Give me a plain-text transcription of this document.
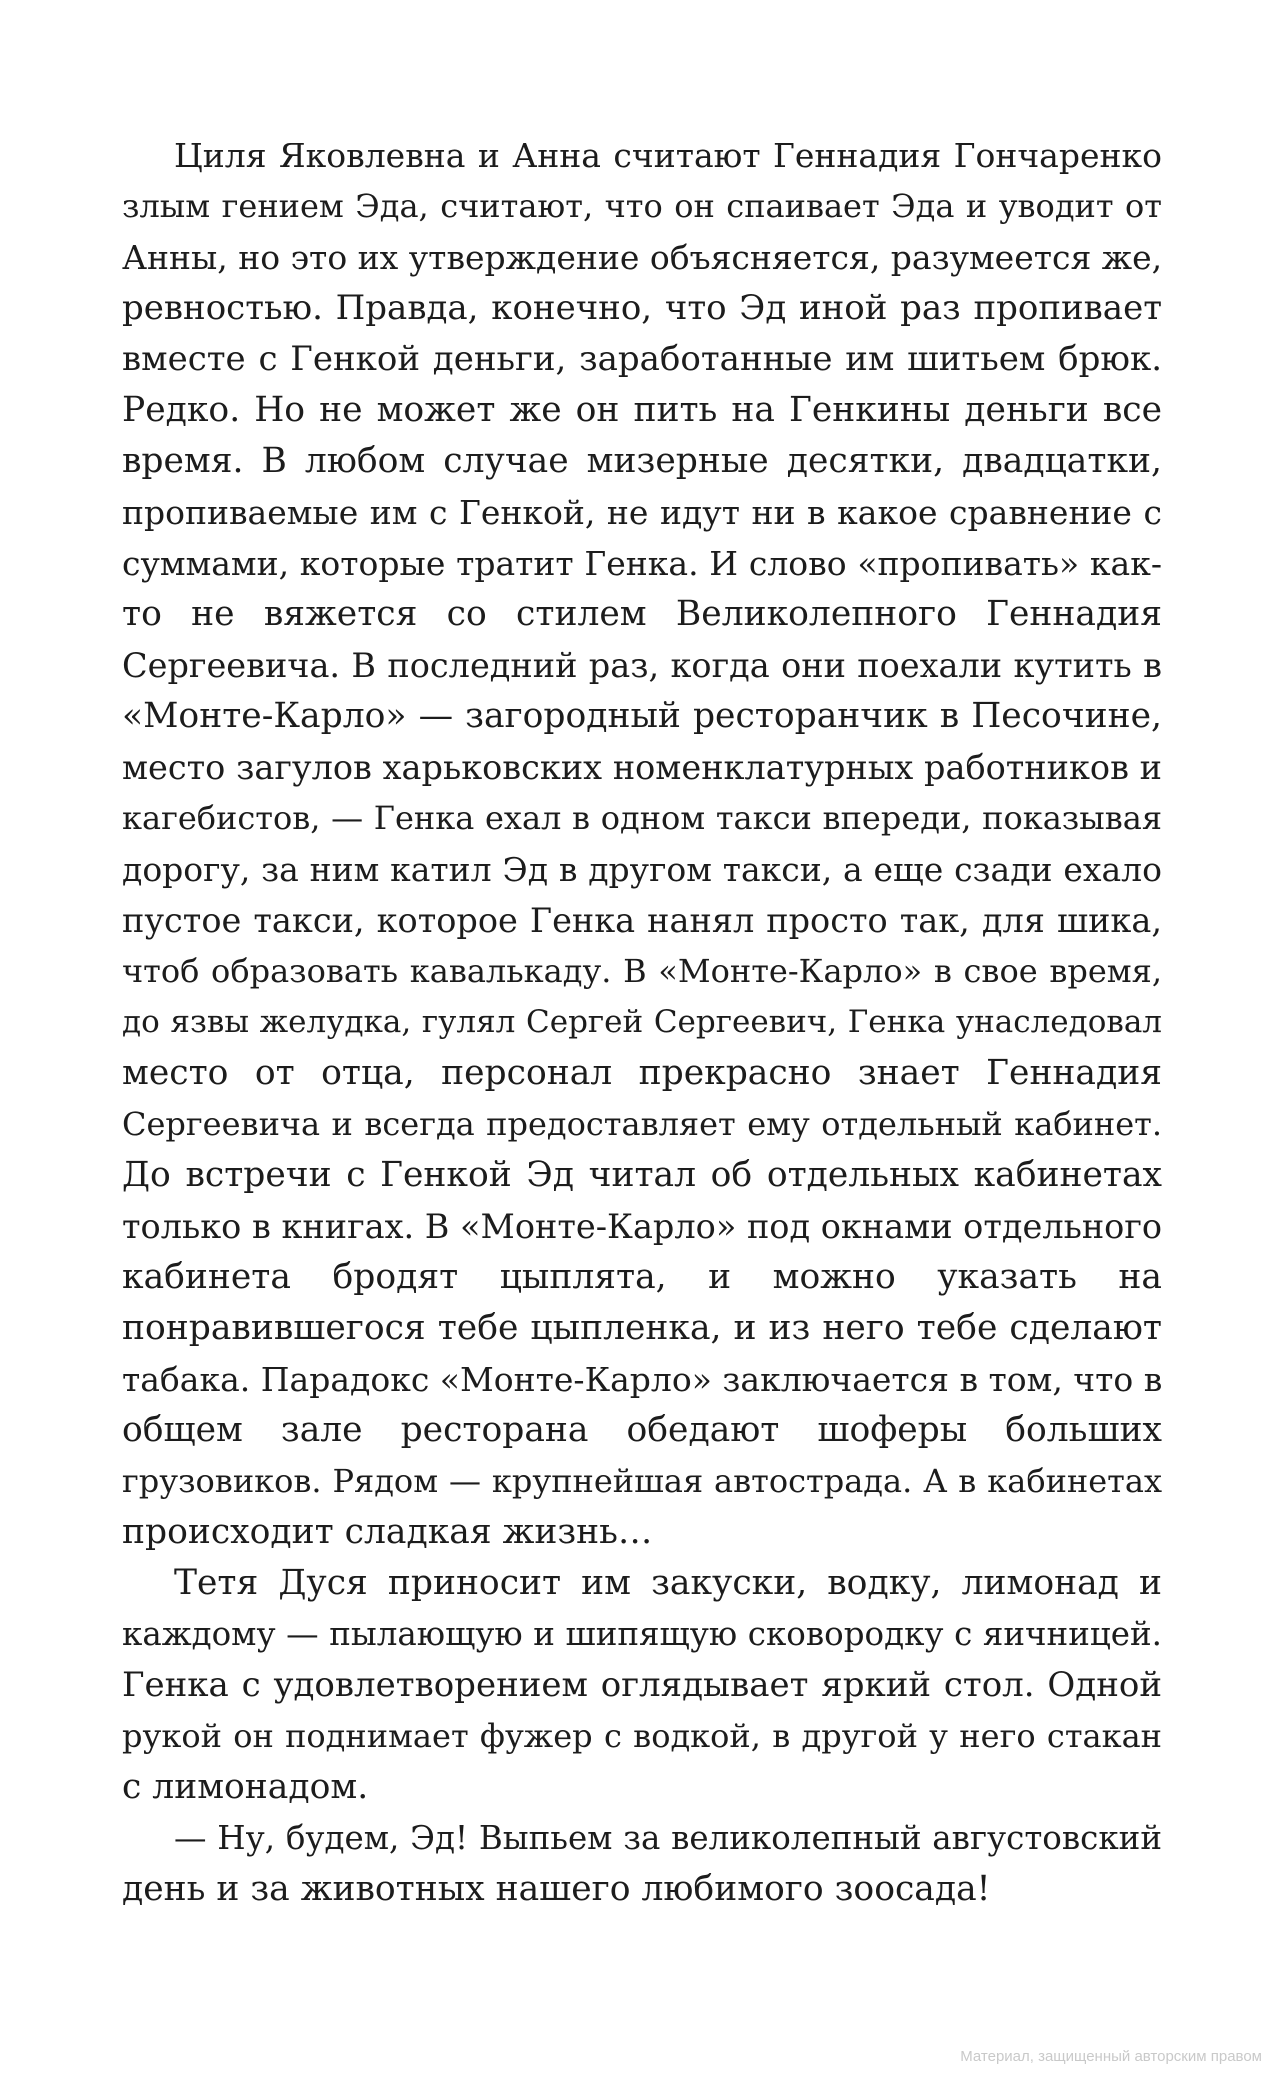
Циля Яковлевна и Анна считают Геннадия Гончаренко
злым гением Эда, считают, что он спаивает Эда и уводит от
Анны, но это их утверждение объясняется, разумеется же,
ревностью. Правда, конечно, что Эд иной раз пропивает
вместе с Генкой деньги, заработанные им шитьем брюк.
Редко. Но не может же он пить на Генкины деньги все
время. В любом случае мизерные десятки, двадцатки,
пропиваемые им с Генкой, не идут ни в какое сравнение с
суммами, которые тратит Генка. И слово «пропивать» как-
то не вяжется со стилем Великолепного Геннадия
Сергеевича. В последний раз, когда они поехали кутить в
«Монте-Карло» — загородный ресторанчик в Песочине,
место загулов харьковских номенклатурных работников и
кагебистов, — Генка ехал в одном такси впереди, показывая
дорогу, за ним катил Эд в другом такси, а еще сзади ехало
пустое такси, которое Генка нанял просто так, для шика,
чтоб образовать кавалькаду. В «Монте-Карло» в свое время,
до язвы желудка, гулял Сергей Сергеевич, Генка унаследовал
место от отца, персонал прекрасно знает Геннадия
Сергеевича и всегда предоставляет ему отдельный кабинет.
До встречи с Генкой Эд читал об отдельных кабинетах
только в книгах. В «Монте-Карло» под окнами отдельного
кабинета бродят цыплята, и можно указать на
понравившегося тебе цыпленка, и из него тебе сделают
табака. Парадокс «Монте-Карло» заключается в том, что в
общем зале ресторана обедают шоферы больших
грузовиков. Рядом — крупнейшая автострада. А в кабинетах
происходит сладкая жизнь…
Тетя Дуся приносит им закуски, водку, лимонад и
каждому — пылающую и шипящую сковородку с яичницей.
Генка с удовлетворением оглядывает яркий стол. Одной
рукой он поднимает фужер с водкой, в другой у него стакан
с лимонадом.
— Ну, будем, Эд! Выпьем за великолепный августовский
день и за животных нашего любимого зоосада!
Материал, защищенный авторским правом
